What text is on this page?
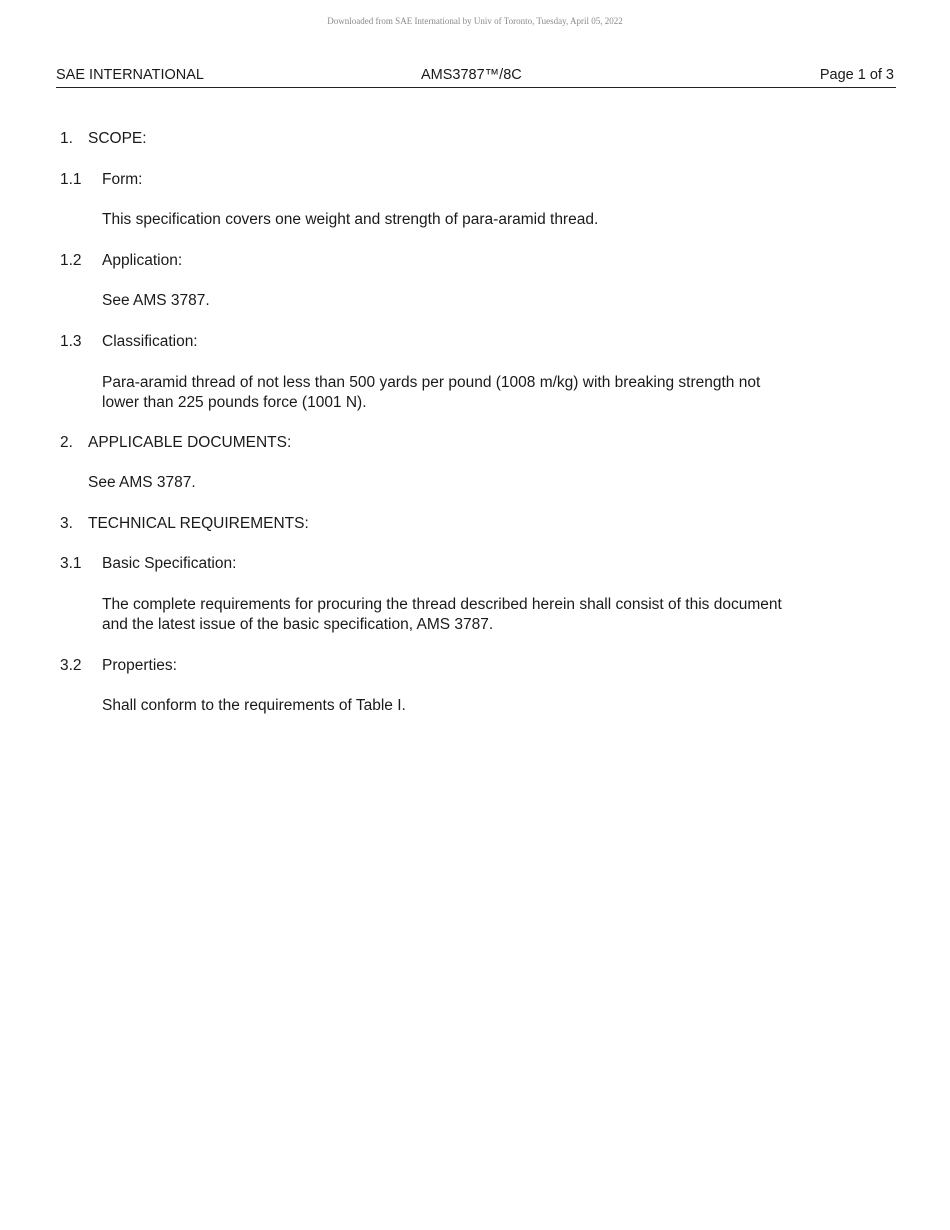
Downloaded from SAE International by Univ of Toronto, Tuesday, April 05, 2022
SAE INTERNATIONAL	AMS3787™/8C	Page 1 of 3
1. SCOPE:
1.1 Form:
This specification covers one weight and strength of para-aramid thread.
1.2 Application:
See AMS 3787.
1.3 Classification:
Para-aramid thread of not less than 500 yards per pound (1008 m/kg) with breaking strength not
lower than 225 pounds force (1001 N).
2. APPLICABLE DOCUMENTS:
See AMS 3787.
3. TECHNICAL REQUIREMENTS:
3.1 Basic Specification:
The complete requirements for procuring the thread described herein shall consist of this document
and the latest issue of the basic specification, AMS 3787.
3.2 Properties:
Shall conform to the requirements of Table I.
